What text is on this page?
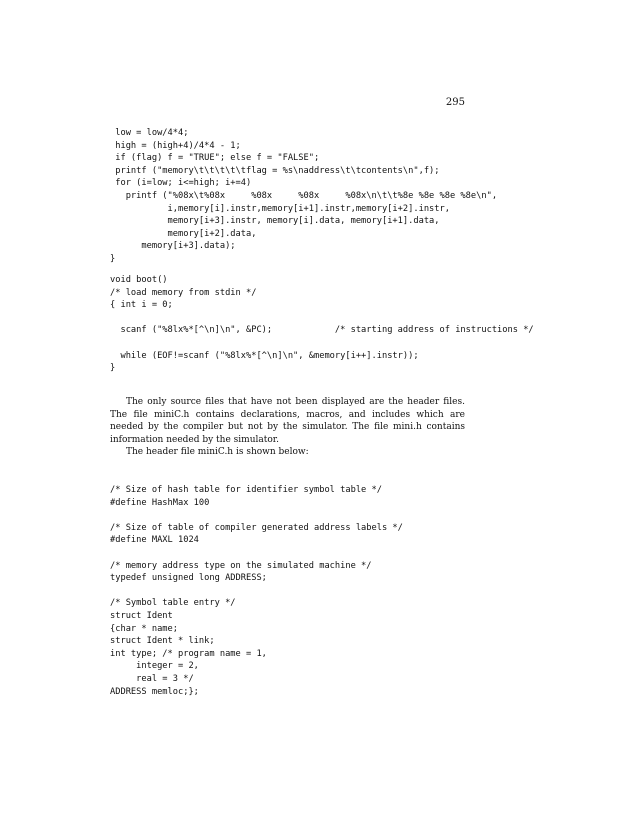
295
low = low/4*4;
high = (high+4)/4*4 - 1;
if (flag) f = "TRUE"; else f = "FALSE";
printf ("memory\t\t\t\t\tflag = %s\naddress\t\tcontents\n",f);
for (i=low; i<=high; i+=4)
printf ("%08x\t%08x     %08x     %08x     %08x\n\t\t%8e %8e %8e %8e\n",
i,memory[i].instr,memory[i+1].instr,memory[i+2].instr,
memory[i+3].instr, memory[i].data, memory[i+1].data,
memory[i+2].data,
memory[i+3].data);
}
void boot()
/* load memory from stdin */
{ int i = 0;

scanf ("%8lx%*[^\n]\n", &PC);            /* starting address of instructions */

while (EOF!=scanf ("%8lx%*[^\n]\n", &memory[i++].instr));
}

The only source files that have not been displayed are the header files. The file miniC.h contains declarations, macros, and includes which are needed by the compiler but not by the simulator. The file mini.h contains information needed by the simulator.

The header file miniC.h is shown below:

/* Size of hash table for identifier symbol table */
#define HashMax 100

/* Size of table of compiler generated address labels */
#define MAXL 1024

/* memory address type on the simulated machine */
typedef unsigned long ADDRESS;

/* Symbol table entry */
struct Ident
{char * name;
struct Ident * link;
int type; /* program name = 1,
integer = 2,
real = 3 */
ADDRESS memloc;};
